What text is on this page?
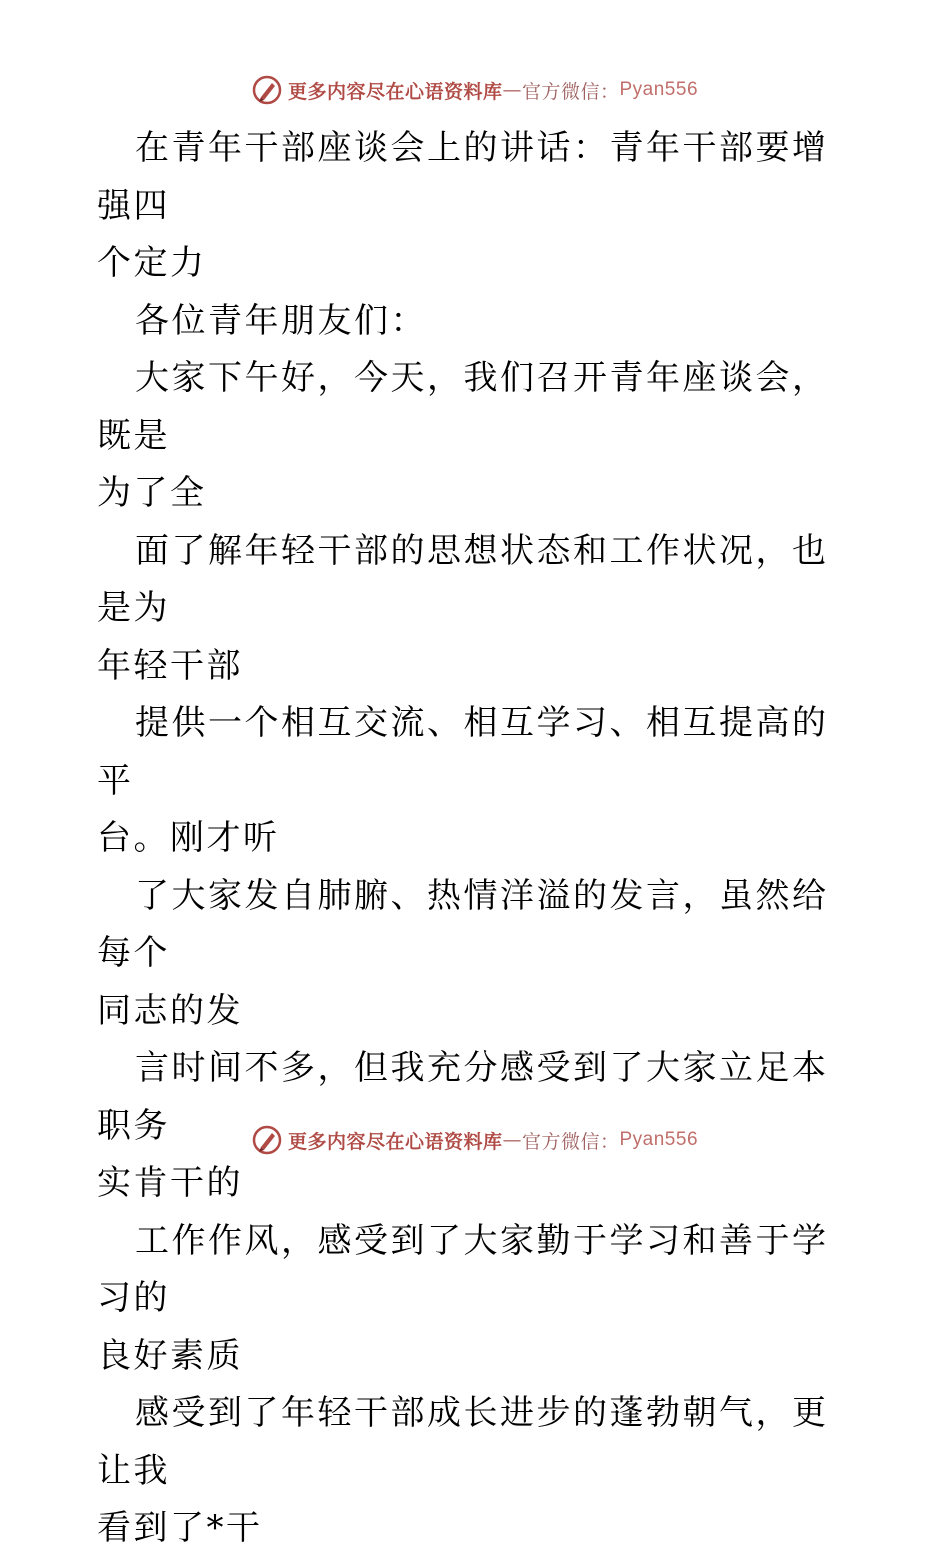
更多内容尽在心语资料库 — 官方微信： Pyan556

在青年干部座谈会上的讲话：青年干部要增强四
个定力

各位青年朋友们：

大家下午好，今天，我们召开青年座谈会，既是
为了全

面了解年轻干部的思想状态和工作状况，也是为
年轻干部

提供一个相互交流、相互学习、相互提高的平
台。刚才听

了大家发自肺腑、热情洋溢的发言，虽然给每个
同志的发

言时间不多，但我充分感受到了大家立足本职务
实肯干的

工作作风，感受到了大家勤于学习和善于学习的
良好素质

感受到了年轻干部成长进步的蓬勃朝气，更让我
看到了*干

更多内容尽在心语资料库 — 官方微信： Pyan556
